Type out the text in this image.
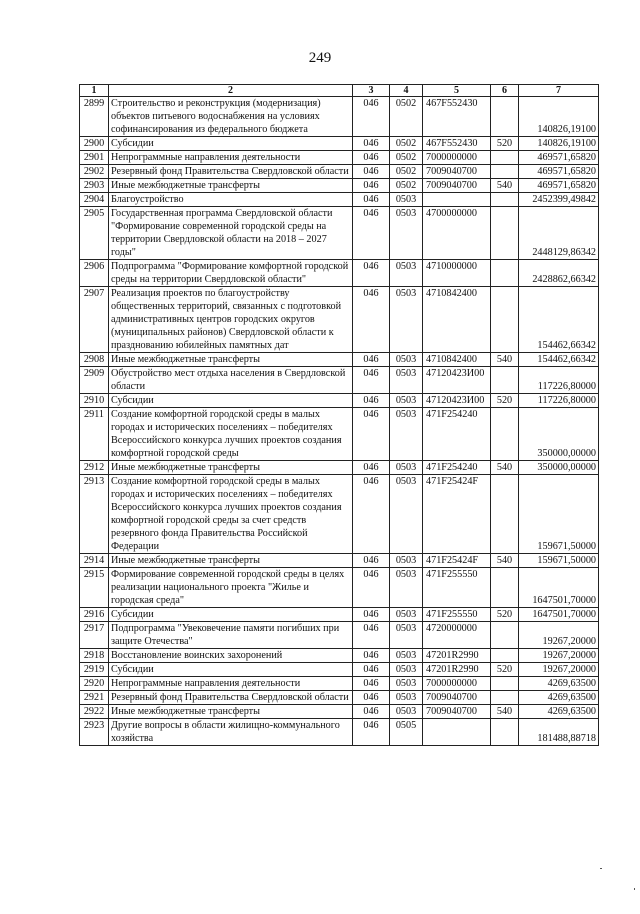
249
1	2	3	4	5	6	7
2899	Строительство и реконструкция (модернизация) объектов питьевого водоснабжения на условиях софинансирования из федерального бюджета	046	0502	467F552430		140826,19100
2900	Субсидии	046	0502	467F552430	520	140826,19100
2901	Непрограммные направления деятельности	046	0502	7000000000		469571,65820
2902	Резервный фонд Правительства Свердловской области	046	0502	7009040700		469571,65820
2903	Иные межбюджетные трансферты	046	0502	7009040700	540	469571,65820
2904	Благоустройство	046	0503			2452399,49842
2905	Государственная программа Свердловской области "Формирование современной городской среды на территории Свердловской области на 2018 – 2027 годы"	046	0503	4700000000		2448129,86342
2906	Подпрограмма "Формирование комфортной городской среды на территории Свердловской области"	046	0503	4710000000		2428862,66342
2907	Реализация проектов по благоустройству общественных территорий, связанных с подготовкой административных центров городских округов (муниципальных районов) Свердловской области к празднованию юбилейных памятных дат	046	0503	4710842400		154462,66342
2908	Иные межбюджетные трансферты	046	0503	4710842400	540	154462,66342
2909	Обустройство мест отдыха населения в Свердловской области	046	0503	47120423И00		117226,80000
2910	Субсидии	046	0503	47120423И00	520	117226,80000
2911	Создание комфортной городской среды в малых городах и исторических поселениях – победителях Всероссийского конкурса лучших проектов создания комфортной городской среды	046	0503	471F254240		350000,00000
2912	Иные межбюджетные трансферты	046	0503	471F254240	540	350000,00000
2913	Создание комфортной городской среды в малых городах и исторических поселениях – победителях Всероссийского конкурса лучших проектов создания комфортной городской среды за счет средств резервного фонда Правительства Российской Федерации	046	0503	471F25424F		159671,50000
2914	Иные межбюджетные трансферты	046	0503	471F25424F	540	159671,50000
2915	Формирование современной городской среды в целях реализации национального проекта "Жилье и городская среда"	046	0503	471F255550		1647501,70000
2916	Субсидии	046	0503	471F255550	520	1647501,70000
2917	Подпрограмма "Увековечение памяти погибших при защите Отечества"	046	0503	4720000000		19267,20000
2918	Восстановление воинских захоронений	046	0503	47201R2990		19267,20000
2919	Субсидии	046	0503	47201R2990	520	19267,20000
2920	Непрограммные направления деятельности	046	0503	7000000000		4269,63500
2921	Резервный фонд Правительства Свердловской области	046	0503	7009040700		4269,63500
2922	Иные межбюджетные трансферты	046	0503	7009040700	540	4269,63500
2923	Другие вопросы в области жилищно-коммунального хозяйства	046	0505			181488,88718
